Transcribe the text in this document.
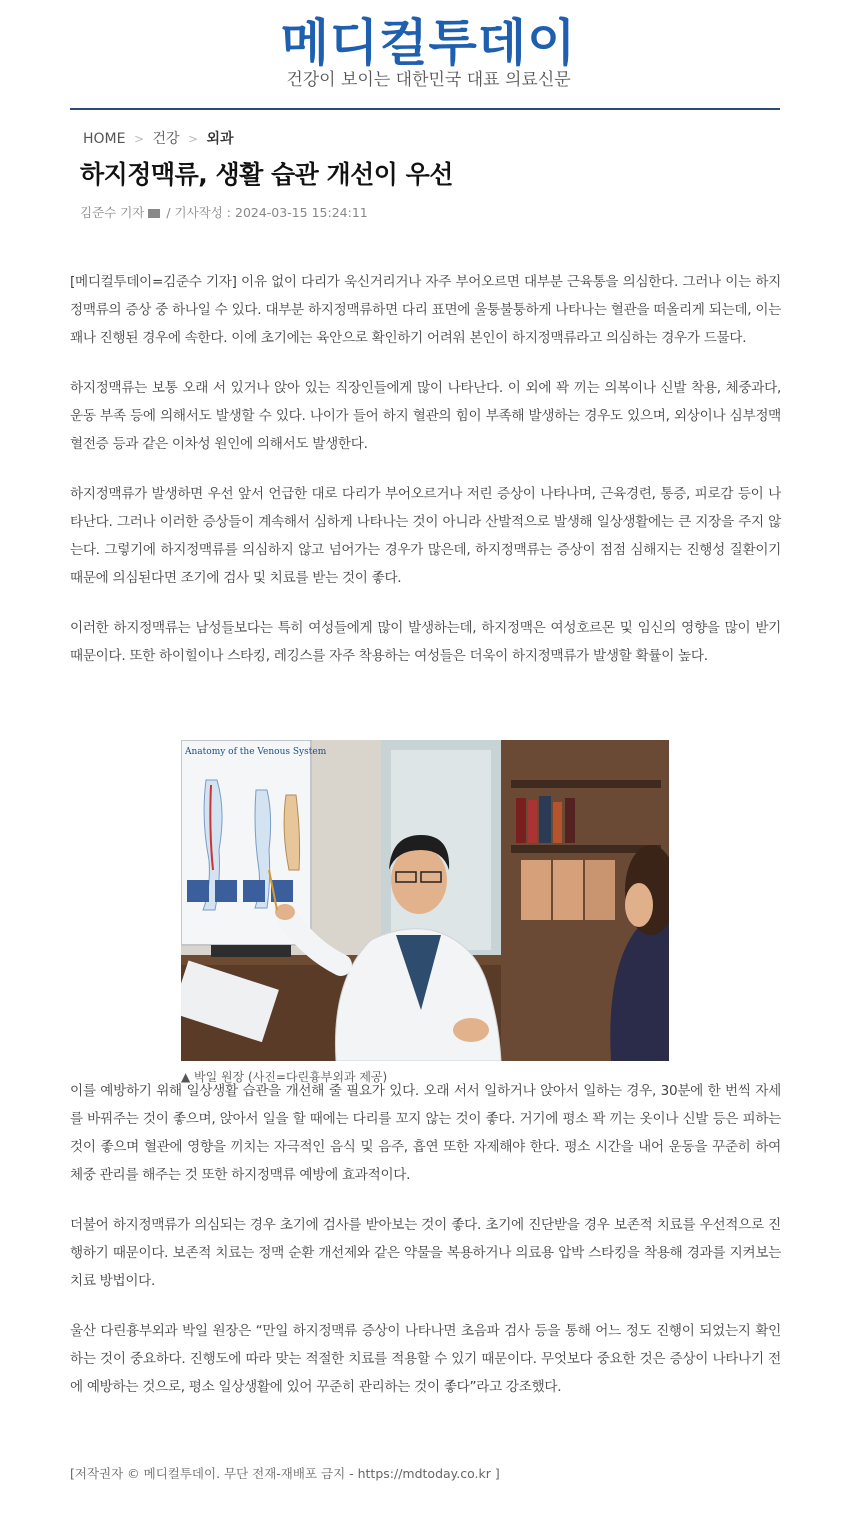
메디컬투데이
건강이 보이는 대한민국 대표 의료신문
HOME > 건강 > 외과
하지정맥류, 생활 습관 개선이 우선
김준수 기자 / 기사작성 : 2024-03-15 15:24:11

[메디컬투데이=김준수 기자] 이유 없이 다리가 욱신거리거나 자주 부어오르면 대부분 근육통을 의심한다. 그러나 이는 하지정맥류의 증상 중 하나일 수 있다. 대부분 하지정맥류하면 다리 표면에 울퉁불퉁하게 나타나는 혈관을 떠올리게 되는데, 이는 꽤나 진행된 경우에 속한다. 이에 초기에는 육안으로 확인하기 어려워 본인이 하지정맥류라고 의심하는 경우가 드물다.

하지정맥류는 보통 오래 서 있거나 앉아 있는 직장인들에게 많이 나타난다. 이 외에 꽉 끼는 의복이나 신발 착용, 체중과다, 운동 부족 등에 의해서도 발생할 수 있다. 나이가 들어 하지 혈관의 힘이 부족해 발생하는 경우도 있으며, 외상이나 심부정맥혈전증 등과 같은 이차성 원인에 의해서도 발생한다.

하지정맥류가 발생하면 우선 앞서 언급한 대로 다리가 부어오르거나 저린 증상이 나타나며, 근육경련, 통증, 피로감 등이 나타난다. 그러나 이러한 증상들이 계속해서 심하게 나타나는 것이 아니라 산발적으로 발생해 일상생활에는 큰 지장을 주지 않는다. 그렇기에 하지정맥류를 의심하지 않고 넘어가는 경우가 많은데, 하지정맥류는 증상이 점점 심해지는 진행성 질환이기 때문에 의심된다면 조기에 검사 및 치료를 받는 것이 좋다.

이러한 하지정맥류는 남성들보다는 특히 여성들에게 많이 발생하는데, 하지정맥은 여성호르몬 및 임신의 영향을 많이 받기 때문이다. 또한 하이힐이나 스타킹, 레깅스를 자주 착용하는 여성들은 더욱이 하지정맥류가 발생할 확률이 높다.

이를 예방하기 위해 일상생활 습관을 개선해 줄 필요가 있다. 오래 서서 일하거나 앉아서 일하는 경우, 30분에 한 번씩 자세를 바꿔주는 것이 좋으며, 앉아서 일을 할 때에는 다리를 꼬지 않는 것이 좋다. 거기에 평소 꽉 끼는 옷이나 신발 등은 피하는 것이 좋으며 혈관에 영향을 끼치는 자극적인 음식 및 음주, 흡연 또한 자제해야 한다. 평소 시간을 내어 운동을 꾸준히 하여 체중 관리를 해주는 것 또한 하지정맥류 예방에 효과적이다.

더불어 하지정맥류가 의심되는 경우 초기에 검사를 받아보는 것이 좋다. 초기에 진단받을 경우 보존적 치료를 우선적으로 진행하기 때문이다. 보존적 치료는 정맥 순환 개선제와 같은 약물을 복용하거나 의료용 압박 스타킹을 착용해 경과를 지켜보는 치료 방법이다.

울산 다린흉부외과 박일 원장은 “만일 하지정맥류 증상이 나타나면 초음파 검사 등을 통해 어느 정도 진행이 되었는지 확인하는 것이 중요하다. 진행도에 따라 맞는 적절한 치료를 적용할 수 있기 때문이다. 무엇보다 중요한 것은 증상이 나타나기 전에 예방하는 것으로, 평소 일상생활에 있어 꾸준히 관리하는 것이 좋다”라고 강조했다.

Anatomy of the Venous System
▲ 박일 원장 (사진=다린흉부외과 제공)
[저작권자 © 메디컬투데이. 무단 전재-재배포 금지 - https://mdtoday.co.kr ]
